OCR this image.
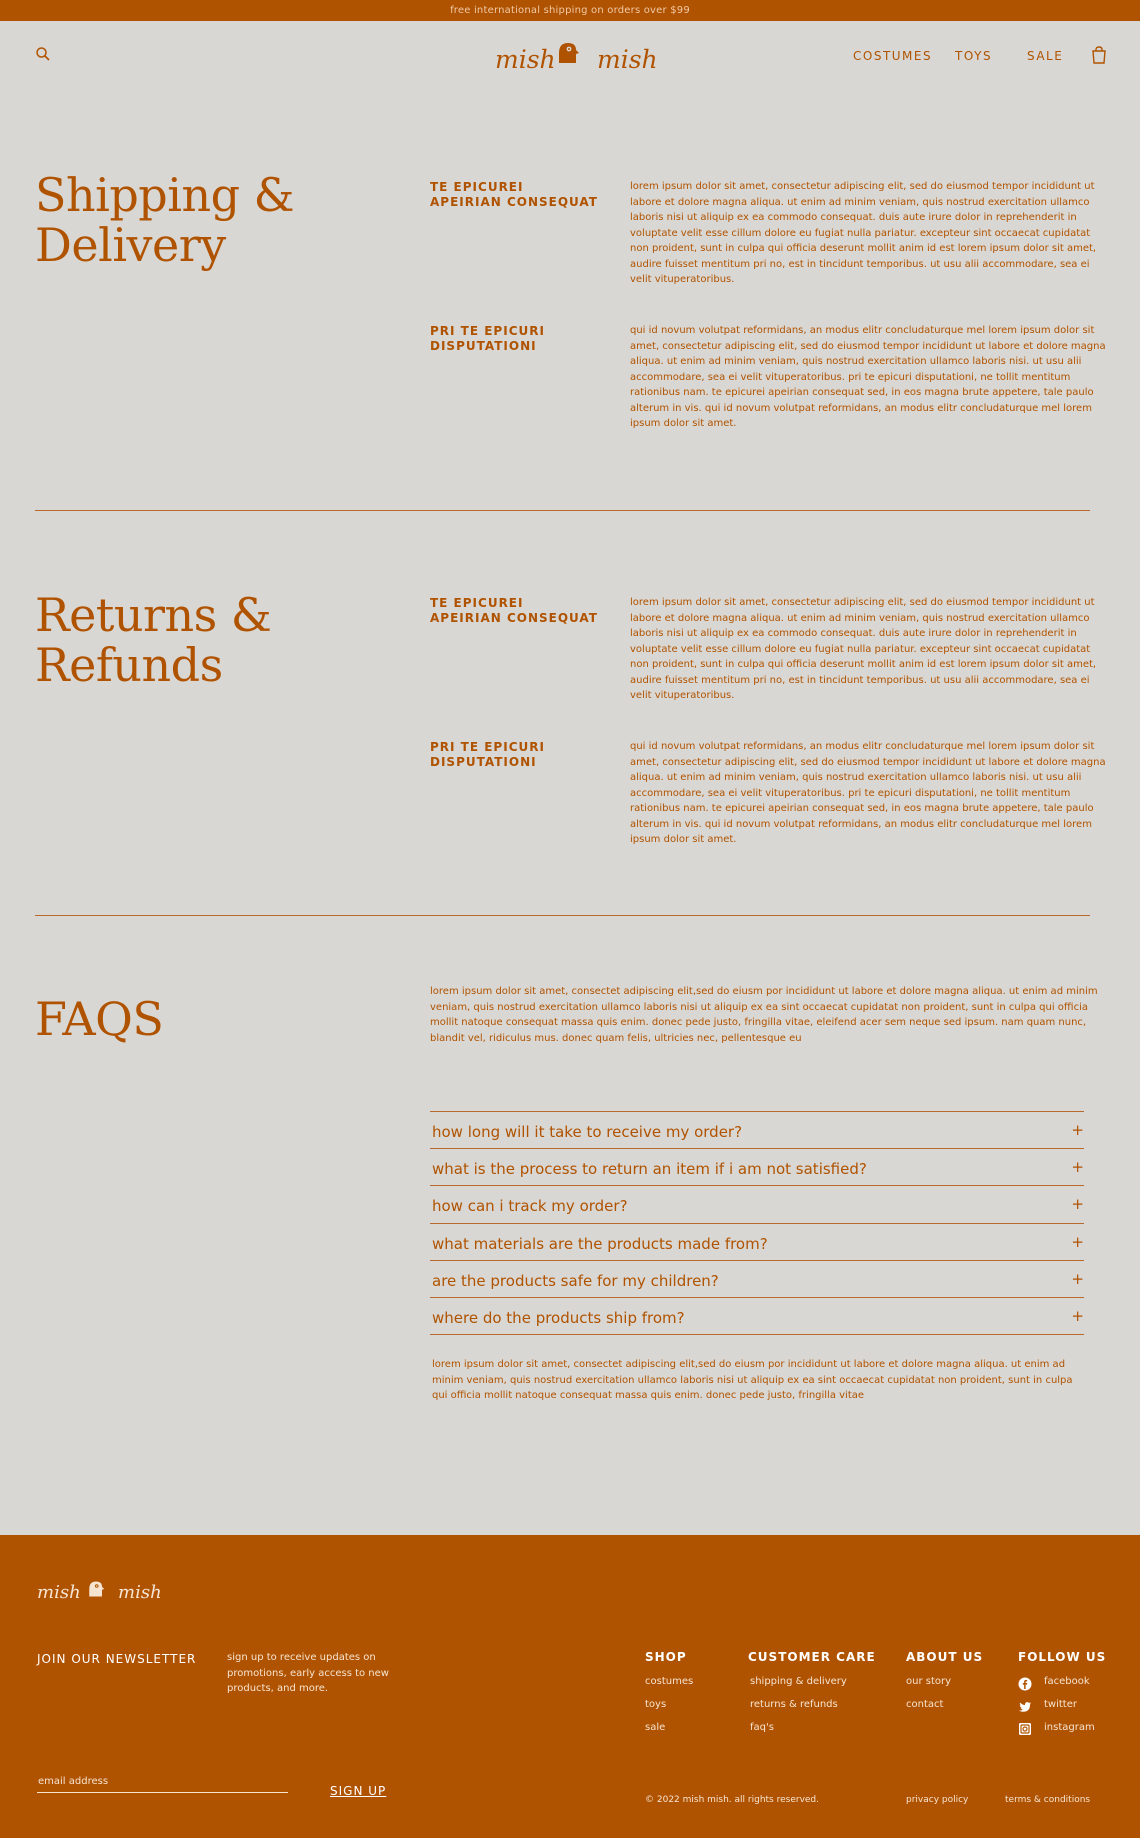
free international shipping on orders over $99
mish mish	COSTUMES TOYS	SALE
Shipping &
Delivery
TE EPICUREI APEIRIAN CONSEQUAT
lorem ipsum dolor sit amet, consectetur adipiscing elit, sed do eiusmod tempor incididunt ut labore et dolore magna aliqua. ut enim ad minim veniam, quis nostrud exercitation ullamco laboris nisi ut aliquip ex ea commodo consequat. duis aute irure dolor in reprehenderit in voluptate velit esse cillum dolore eu fugiat nulla pariatur. excepteur sint occaecat cupidatat non proident, sunt in culpa qui officia deserunt mollit anim id est lorem ipsum dolor sit amet, audire fuisset mentitum pri no, est in tincidunt temporibus. ut usu alii accommodare, sea ei velit vituperatoribus.
PRI TE EPICURI DISPUTATIONI
qui id novum volutpat reformidans, an modus elitr concludaturque mel lorem ipsum dolor sit amet, consectetur adipiscing elit, sed do eiusmod tempor incididunt ut labore et dolore magna aliqua. ut enim ad minim veniam, quis nostrud exercitation ullamco laboris nisi. ut usu alii accommodare, sea ei velit vituperatoribus. pri te epicuri disputationi, ne tollit mentitum rationibus nam. te epicurei apeirian consequat sed, in eos magna brute appetere, tale paulo alterum in vis. qui id novum volutpat reformidans, an modus elitr concludaturque mel lorem ipsum dolor sit amet.
Returns &
Refunds
TE EPICUREI APEIRIAN CONSEQUAT
lorem ipsum dolor sit amet, consectetur adipiscing elit, sed do eiusmod tempor incididunt ut labore et dolore magna aliqua. ut enim ad minim veniam, quis nostrud exercitation ullamco laboris nisi ut aliquip ex ea commodo consequat. duis aute irure dolor in reprehenderit in voluptate velit esse cillum dolore eu fugiat nulla pariatur. excepteur sint occaecat cupidatat non proident, sunt in culpa qui officia deserunt mollit anim id est lorem ipsum dolor sit amet, audire fuisset mentitum pri no, est in tincidunt temporibus. ut usu alii accommodare, sea ei velit vituperatoribus.
PRI TE EPICURI DISPUTATIONI
qui id novum volutpat reformidans, an modus elitr concludaturque mel lorem ipsum dolor sit amet, consectetur adipiscing elit, sed do eiusmod tempor incididunt ut labore et dolore magna aliqua. ut enim ad minim veniam, quis nostrud exercitation ullamco laboris nisi. ut usu alii accommodare, sea ei velit vituperatoribus. pri te epicuri disputationi, ne tollit mentitum rationibus nam. te epicurei apeirian consequat sed, in eos magna brute appetere, tale paulo alterum in vis. qui id novum volutpat reformidans, an modus elitr concludaturque mel lorem ipsum dolor sit amet.
FAQS
lorem ipsum dolor sit amet, consectet adipiscing elit,sed do eiusm por incididunt ut labore et dolore magna aliqua. ut enim ad minim veniam, quis nostrud exercitation ullamco laboris nisi ut aliquip ex ea sint occaecat cupidatat non proident, sunt in culpa qui officia mollit natoque consequat massa quis enim. donec pede justo, fringilla vitae, eleifend acer sem neque sed ipsum. nam quam nunc, blandit vel, ridiculus mus. donec quam felis, ultricies nec, pellentesque eu
how long will it take to receive my order?	+
what is the process to return an item if i am not satisfied?	+
how can i track my order?	+
what materials are the products made from?	+
are the products safe for my children?	+
where do the products ship from?	+
lorem ipsum dolor sit amet, consectet adipiscing elit,sed do eiusm por incididunt ut labore et dolore magna aliqua. ut enim ad minim veniam, quis nostrud exercitation ullamco laboris nisi ut aliquip ex ea sint occaecat cupidatat non proident, sunt in culpa qui officia mollit natoque consequat massa quis enim. donec pede justo, fringilla vitae
mish mish
JOIN OUR NEWSLETTER	sign up to receive updates on promotions, early access to new products, and more.
email address
SIGN UP
SHOP
costumes
toys
sale
CUSTOMER CARE
shipping & delivery
returns & refunds
faq's
ABOUT US
our story
contact
FOLLOW US
facebook
twitter
instagram
© 2022 mish mish. all rights reserved.	privacy policy	terms & conditions
